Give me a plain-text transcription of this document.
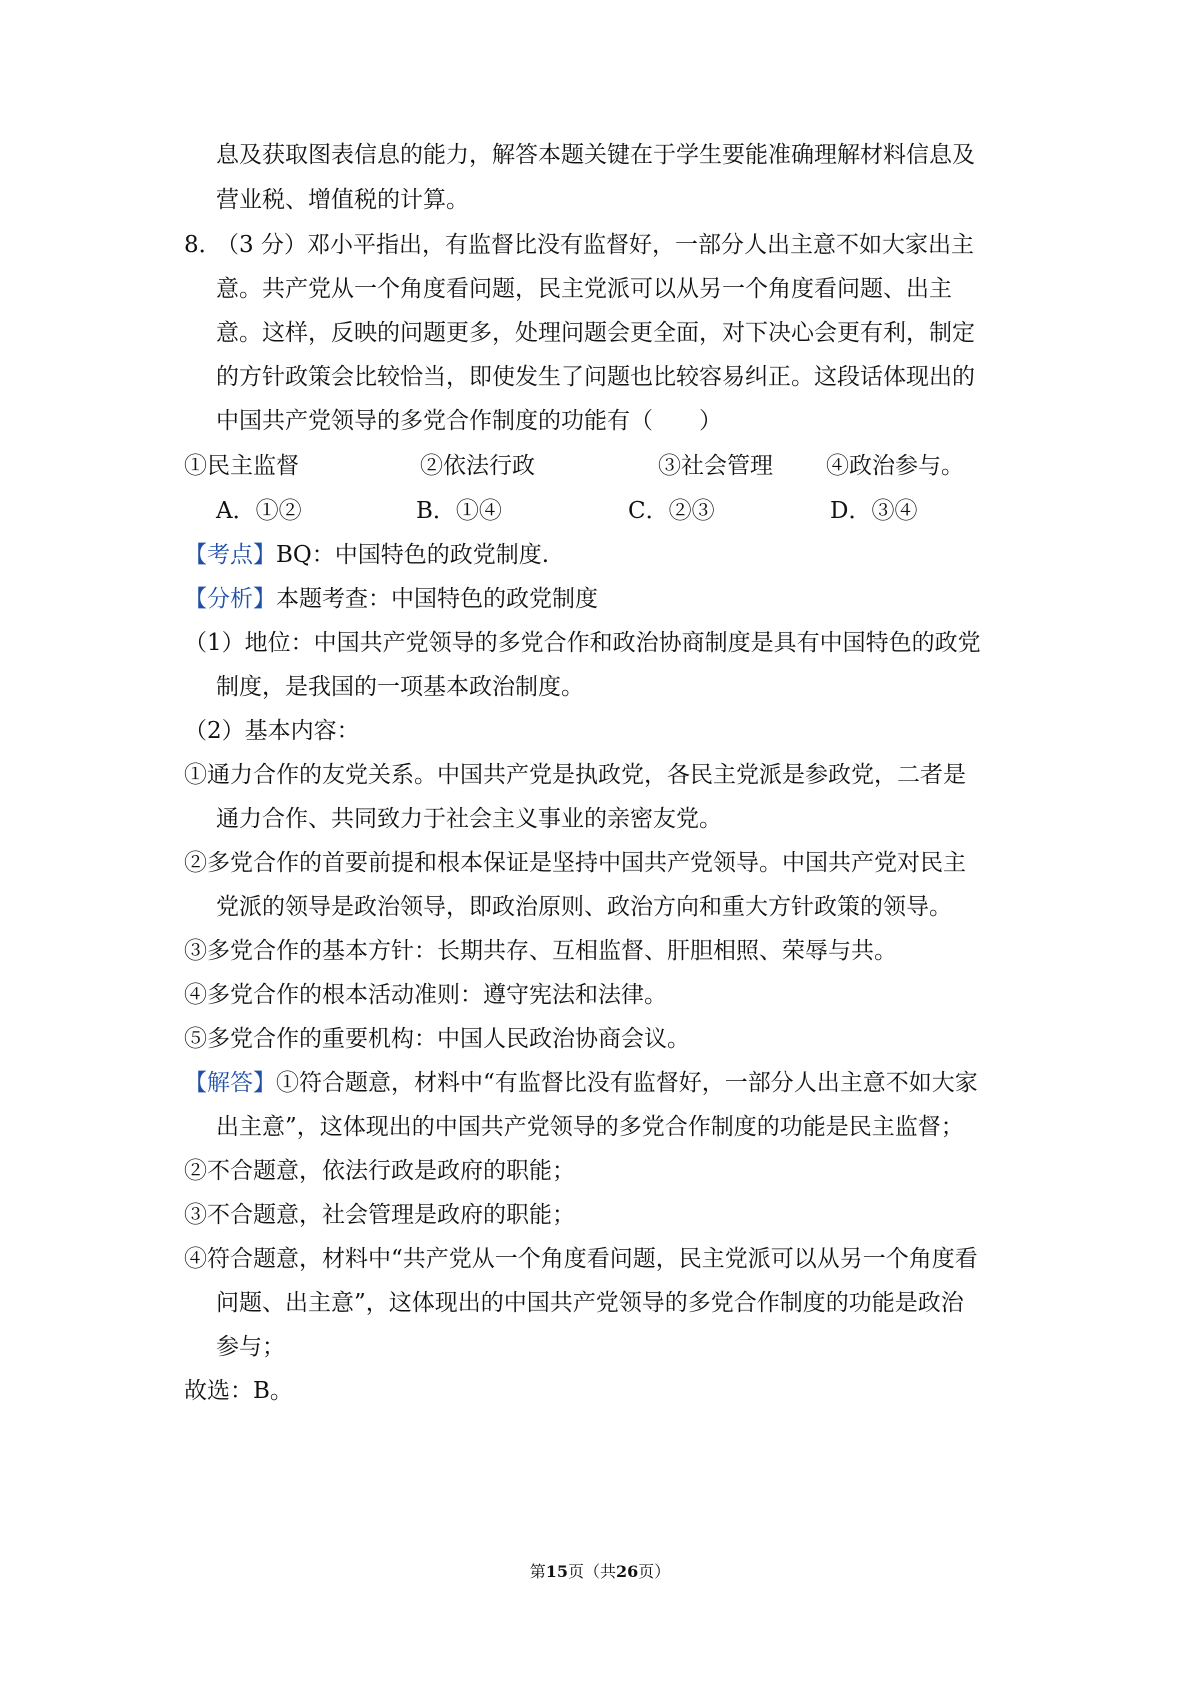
息及获取图表信息的能力，解答本题关键在于学生要能准确理解材料信息及
营业税、增值税的计算。
8．
（3 分）邓小平指出，有监督比没有监督好，一部分人出主意不如大家出主
意。共产党从一个角度看问题，民主党派可以从另一个角度看问题、出主
意。这样，反映的问题更多，处理问题会更全面，对下决心会更有利，制定
的方针政策会比较恰当，即使发生了问题也比较容易纠正。这段话体现出的
中国共产党领导的多党合作制度的功能有（　　）
①民主监督	②依法行政	③社会管理 ④政治参与。
A．①②	B．①④	C．②③	D．③④
【考点】BQ：中国特色的政党制度.
【分析】本题考查：中国特色的政党制度
（1）地位：中国共产党领导的多党合作和政治协商制度是具有中国特色的政党
制度，是我国的一项基本政治制度。
（2）基本内容：
①通力合作的友党关系。中国共产党是执政党，各民主党派是参政党，二者是
通力合作、共同致力于社会主义事业的亲密友党。
②多党合作的首要前提和根本保证是坚持中国共产党领导。中国共产党对民主
党派的领导是政治领导，即政治原则、政治方向和重大方针政策的领导。
③多党合作的基本方针：长期共存、互相监督、肝胆相照、荣辱与共。
④多党合作的根本活动准则：遵守宪法和法律。
⑤多党合作的重要机构：中国人民政治协商会议。
【解答】①符合题意，材料中“有监督比没有监督好，一部分人出主意不如大家
出主意”，这体现出的中国共产党领导的多党合作制度的功能是民主监督；
②不合题意，依法行政是政府的职能；
③不合题意，社会管理是政府的职能；
④符合题意，材料中“共产党从一个角度看问题，民主党派可以从另一个角度看
问题、出主意”，这体现出的中国共产党领导的多党合作制度的功能是政治
参与；
故选：B。
第15页（共26页）
